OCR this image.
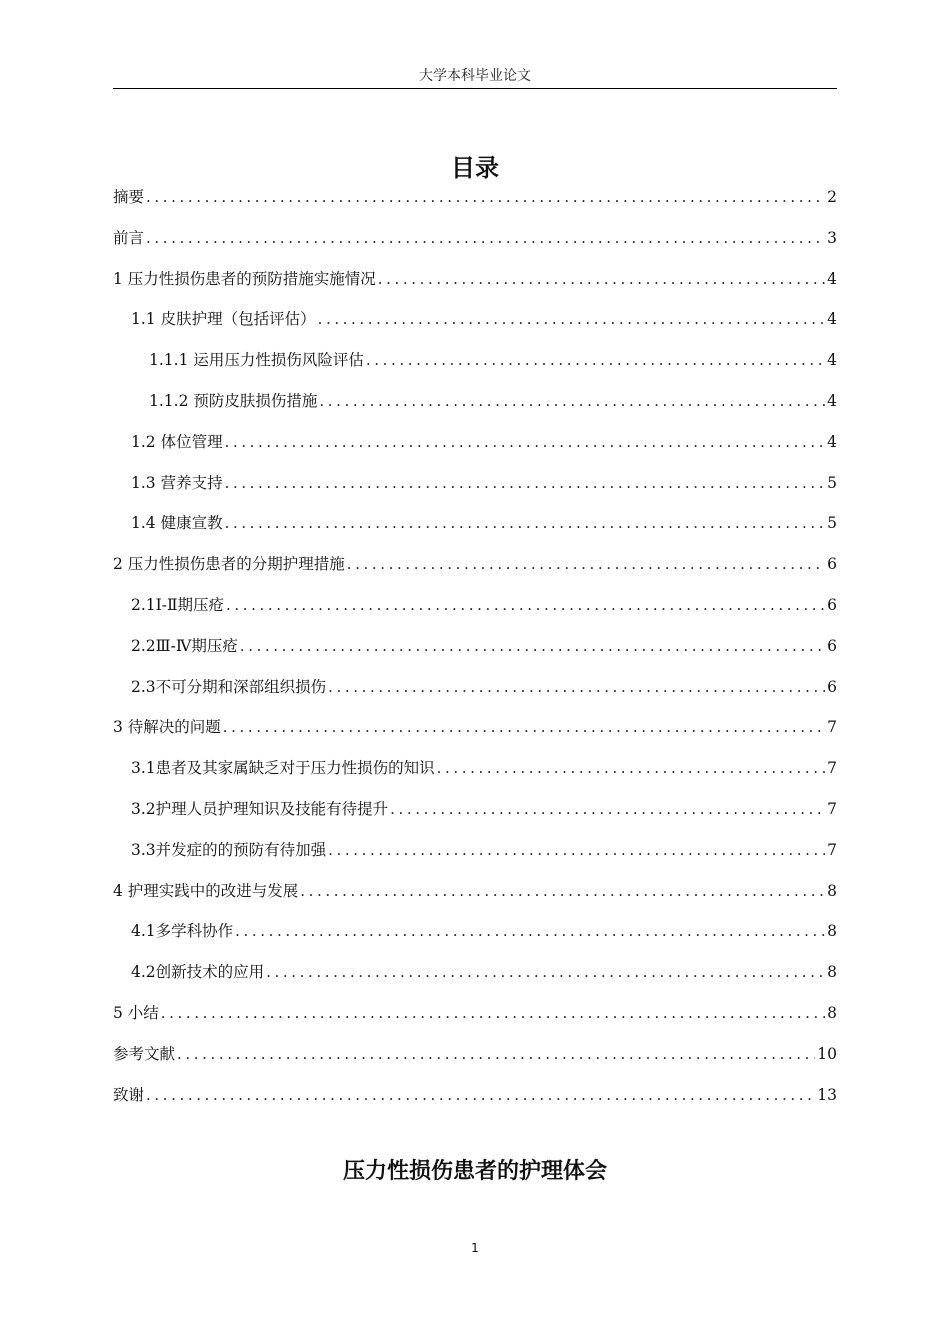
大学本科毕业论文
目录
摘要 .....	2
前言 .....	3
1 压力性损伤患者的预防措施实施情况 .....	4
1.1 皮肤护理（包括评估） .....	4
1.1.1 运用压力性损伤风险评估 .....	4
1.1.2 预防皮肤损伤措施 .....	4
1.2 体位管理 .....	4
1.3 营养支持 .....	5
1.4 健康宣教 .....	5
2 压力性损伤患者的分期护理措施 .....	6
2.1Ⅰ-Ⅱ期压疮 .....	6
2.2Ⅲ-Ⅳ期压疮 .....	6
2.3不可分期和深部组织损伤 .....	6
3 待解决的问题 .....	7
3.1患者及其家属缺乏对于压力性损伤的知识 .....	7
3.2护理人员护理知识及技能有待提升 .....	7
3.3并发症的的预防有待加强 .....	7
4 护理实践中的改进与发展 .....	8
4.1多学科协作 .....	8
4.2创新技术的应用 .....	8
5 小结 .....	8
参考文献 .....	10
致谢 .....	13
压力性损伤患者的护理体会
1
